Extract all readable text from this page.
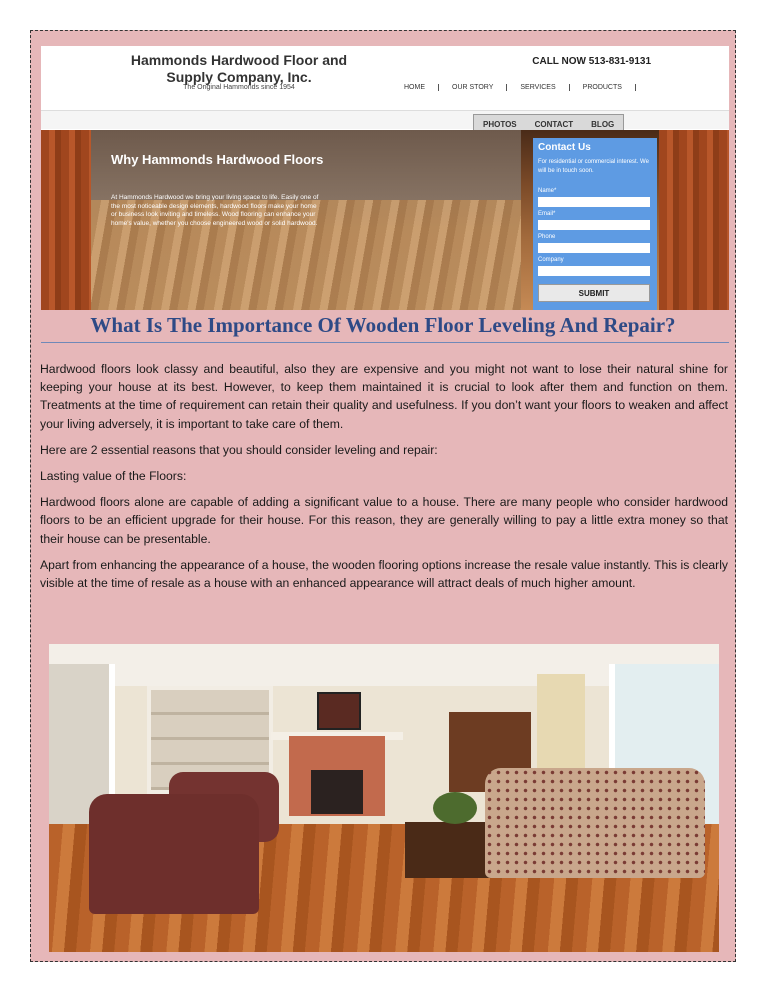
Hammonds Hardwood Floor and Supply Company, Inc.
The Original Hammonds since 1954
CALL NOW 513-831-9131
HOME	OUR STORY	SERVICES	PRODUCTS
PHOTOS	CONTACT	BLOG
Why Hammonds Hardwood Floors
At Hammonds Hardwood we bring your living space to life. Easily one of the most noticeable design elements, hardwood floors make your home or business look inviting and timeless. Wood flooring can enhance your home's value, whether you choose engineered wood or solid hardwood.
Contact Us
For residential or commercial interest. We will be in touch soon.
Name*
Email*
Phone
Company
SUBMIT
What Is The Importance Of Wooden Floor Leveling And Repair?

Hardwood floors look classy and beautiful, also they are expensive and you might not want to lose their natural shine for keeping your house at its best. However, to keep them maintained it is crucial to look after them and function on them. Treatments at the time of requirement can retain their quality and usefulness. If you don’t want your floors to weaken and affect your living adversely, it is important to take care of them.

Here are 2 essential reasons that you should consider leveling and repair:

Lasting value of the Floors:

Hardwood floors alone are capable of adding a significant value to a house. There are many people who consider hardwood floors to be an efficient upgrade for their house. For this reason, they are generally willing to pay a little extra money so that their house can be presentable.

Apart from enhancing the appearance of a house, the wooden flooring options increase the resale value instantly. This is clearly visible at the time of resale as a house with an enhanced appearance will attract deals of much higher amount.
